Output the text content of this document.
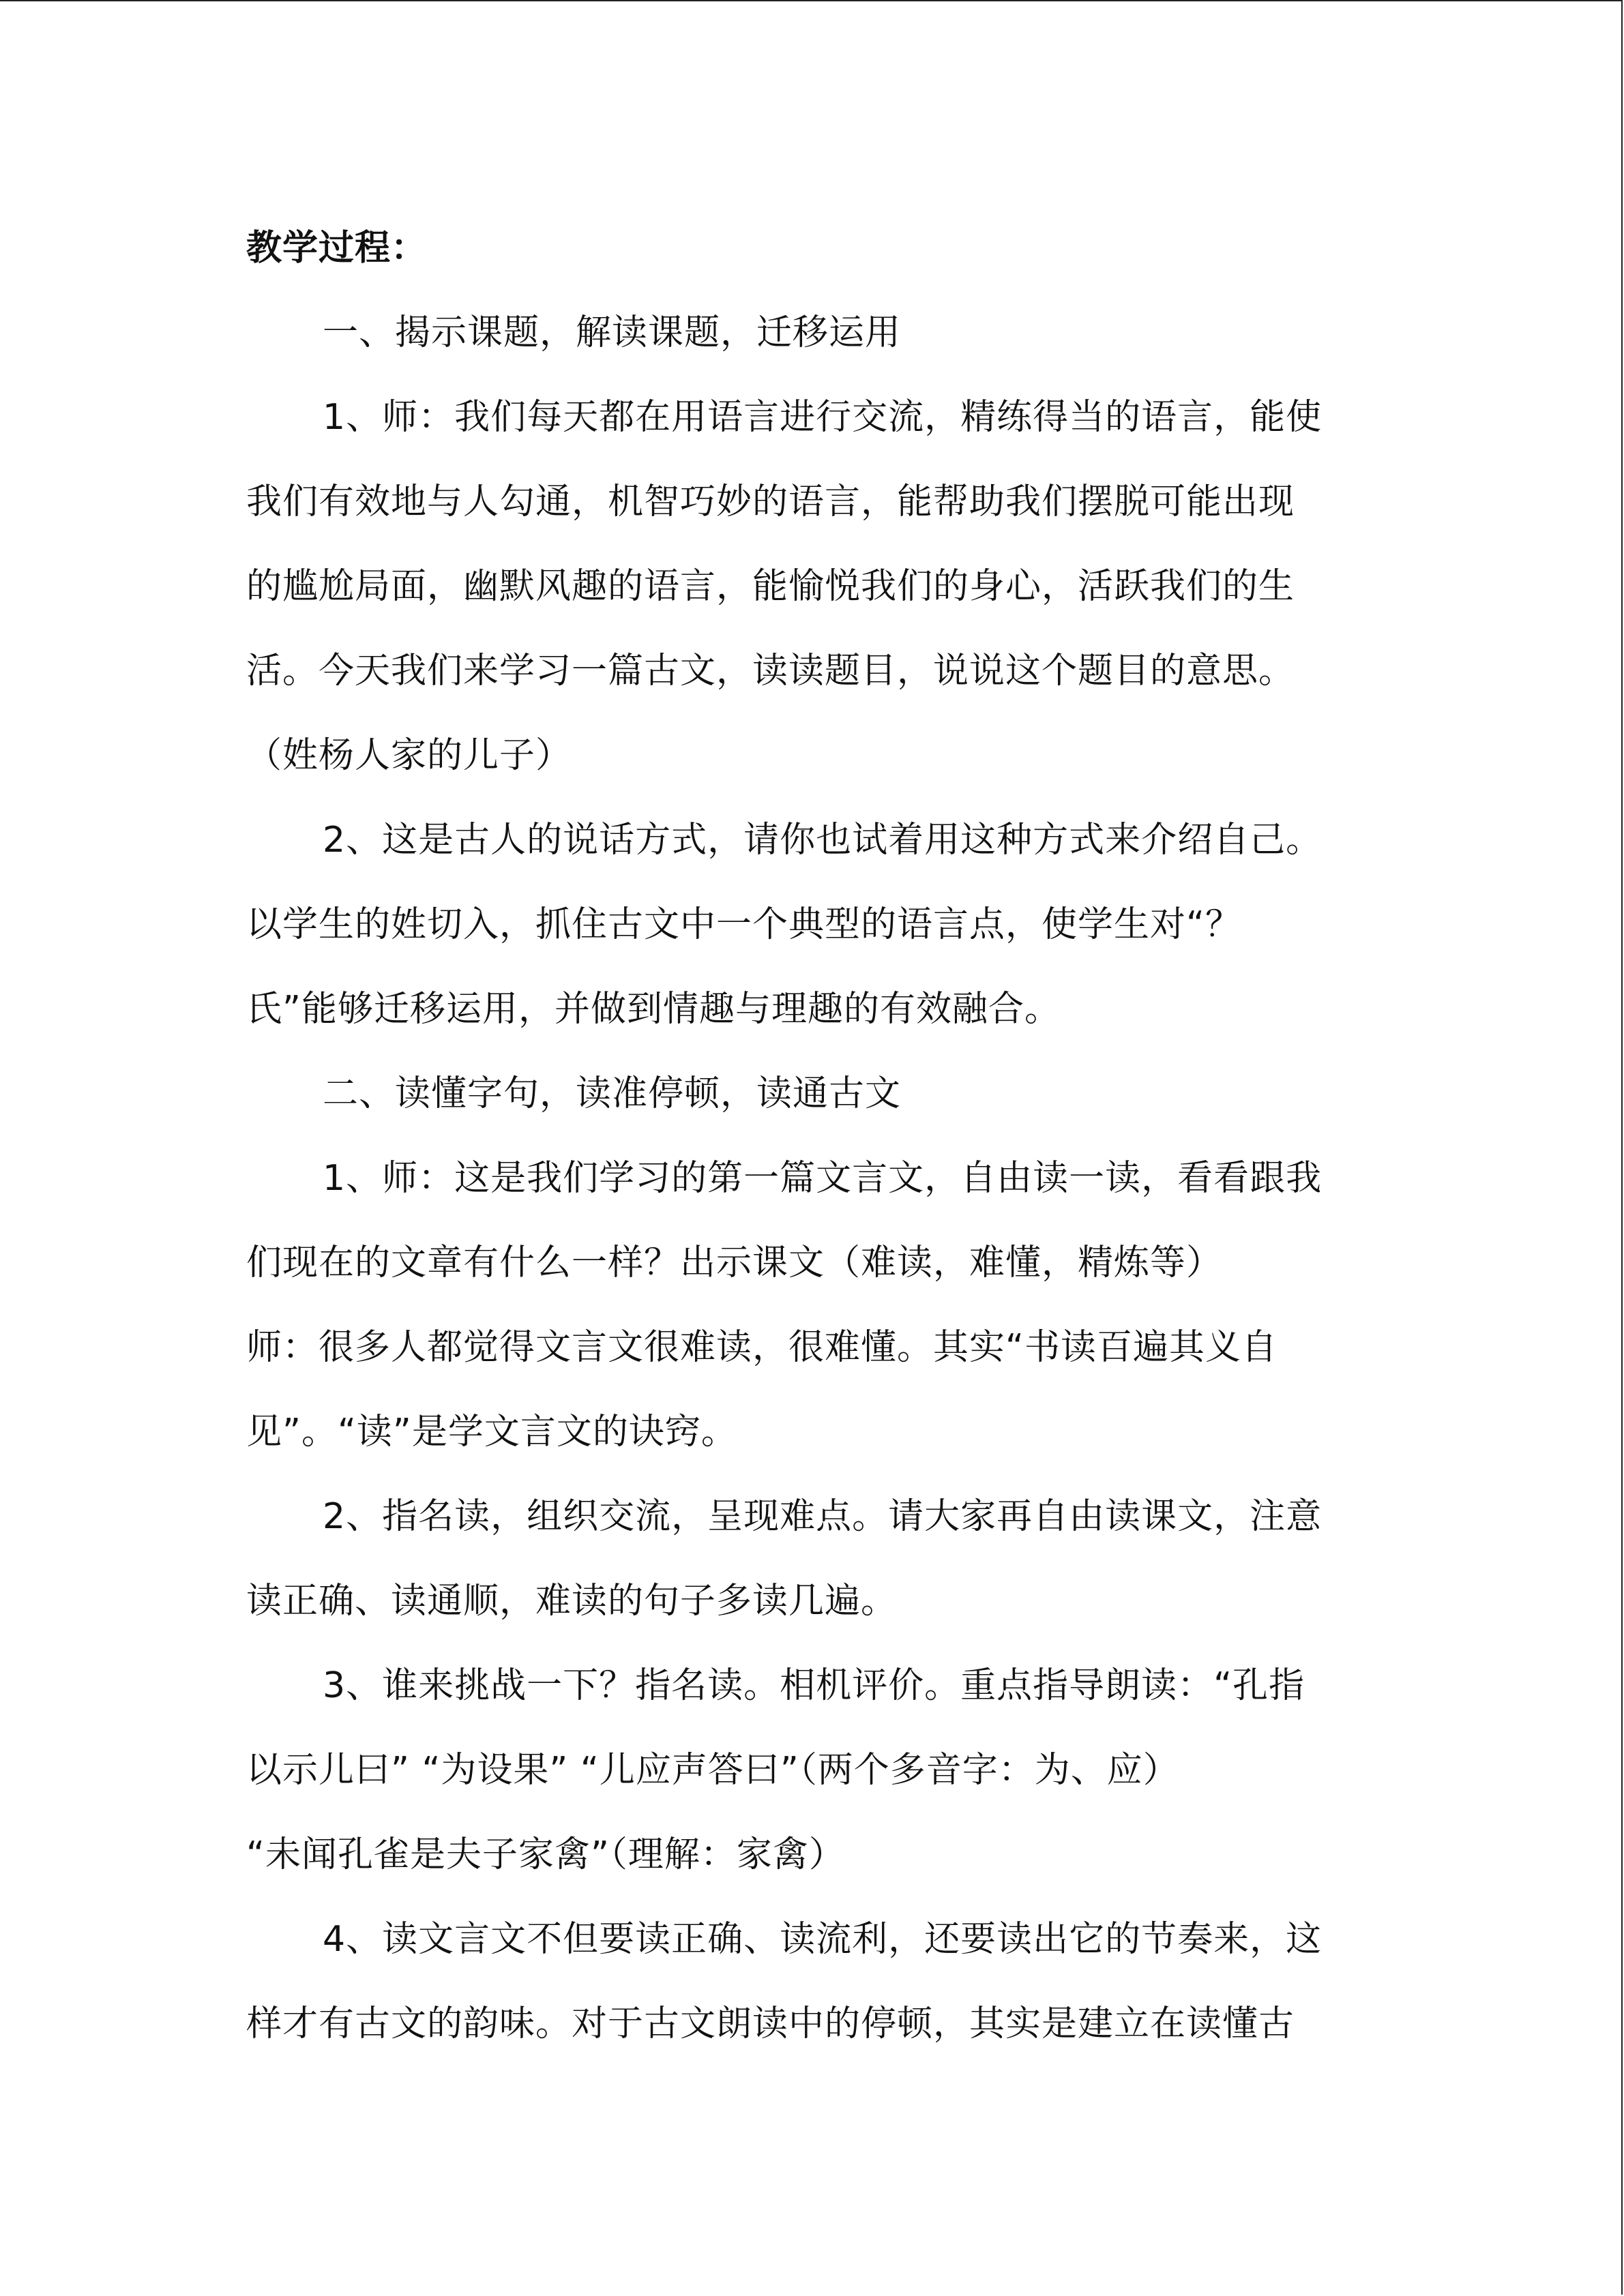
教学过程：
一、揭示课题，解读课题，迁移运用
1、师：我们每天都在用语言进行交流，精练得当的语言，能使
我们有效地与人勾通，机智巧妙的语言，能帮助我们摆脱可能出现
的尴尬局面，幽默风趣的语言，能愉悦我们的身心，活跃我们的生
活。今天我们来学习一篇古文，读读题目，说说这个题目的意思。
（姓杨人家的儿子）
2、这是古人的说话方式，请你也试着用这种方式来介绍自己。
以学生的姓切入，抓住古文中一个典型的语言点，使学生对“？
氏”能够迁移运用，并做到情趣与理趣的有效融合。
二、读懂字句，读准停顿，读通古文
1、师：这是我们学习的第一篇文言文，自由读一读，看看跟我
们现在的文章有什么一样？出示课文（难读，难懂，精炼等）
师：很多人都觉得文言文很难读，很难懂。其实“书读百遍其义自
见”。“读”是学文言文的诀窍。
2、指名读，组织交流，呈现难点。请大家再自由读课文，注意
读正确、读通顺，难读的句子多读几遍。
3、谁来挑战一下？指名读。相机评价。重点指导朗读：“孔指
以示儿曰” “为设果” “儿应声答曰”（两个多音字：为、应）
“未闻孔雀是夫子家禽”（理解：家禽）
4、读文言文不但要读正确、读流利，还要读出它的节奏来，这
样才有古文的韵味。对于古文朗读中的停顿，其实是建立在读懂古
